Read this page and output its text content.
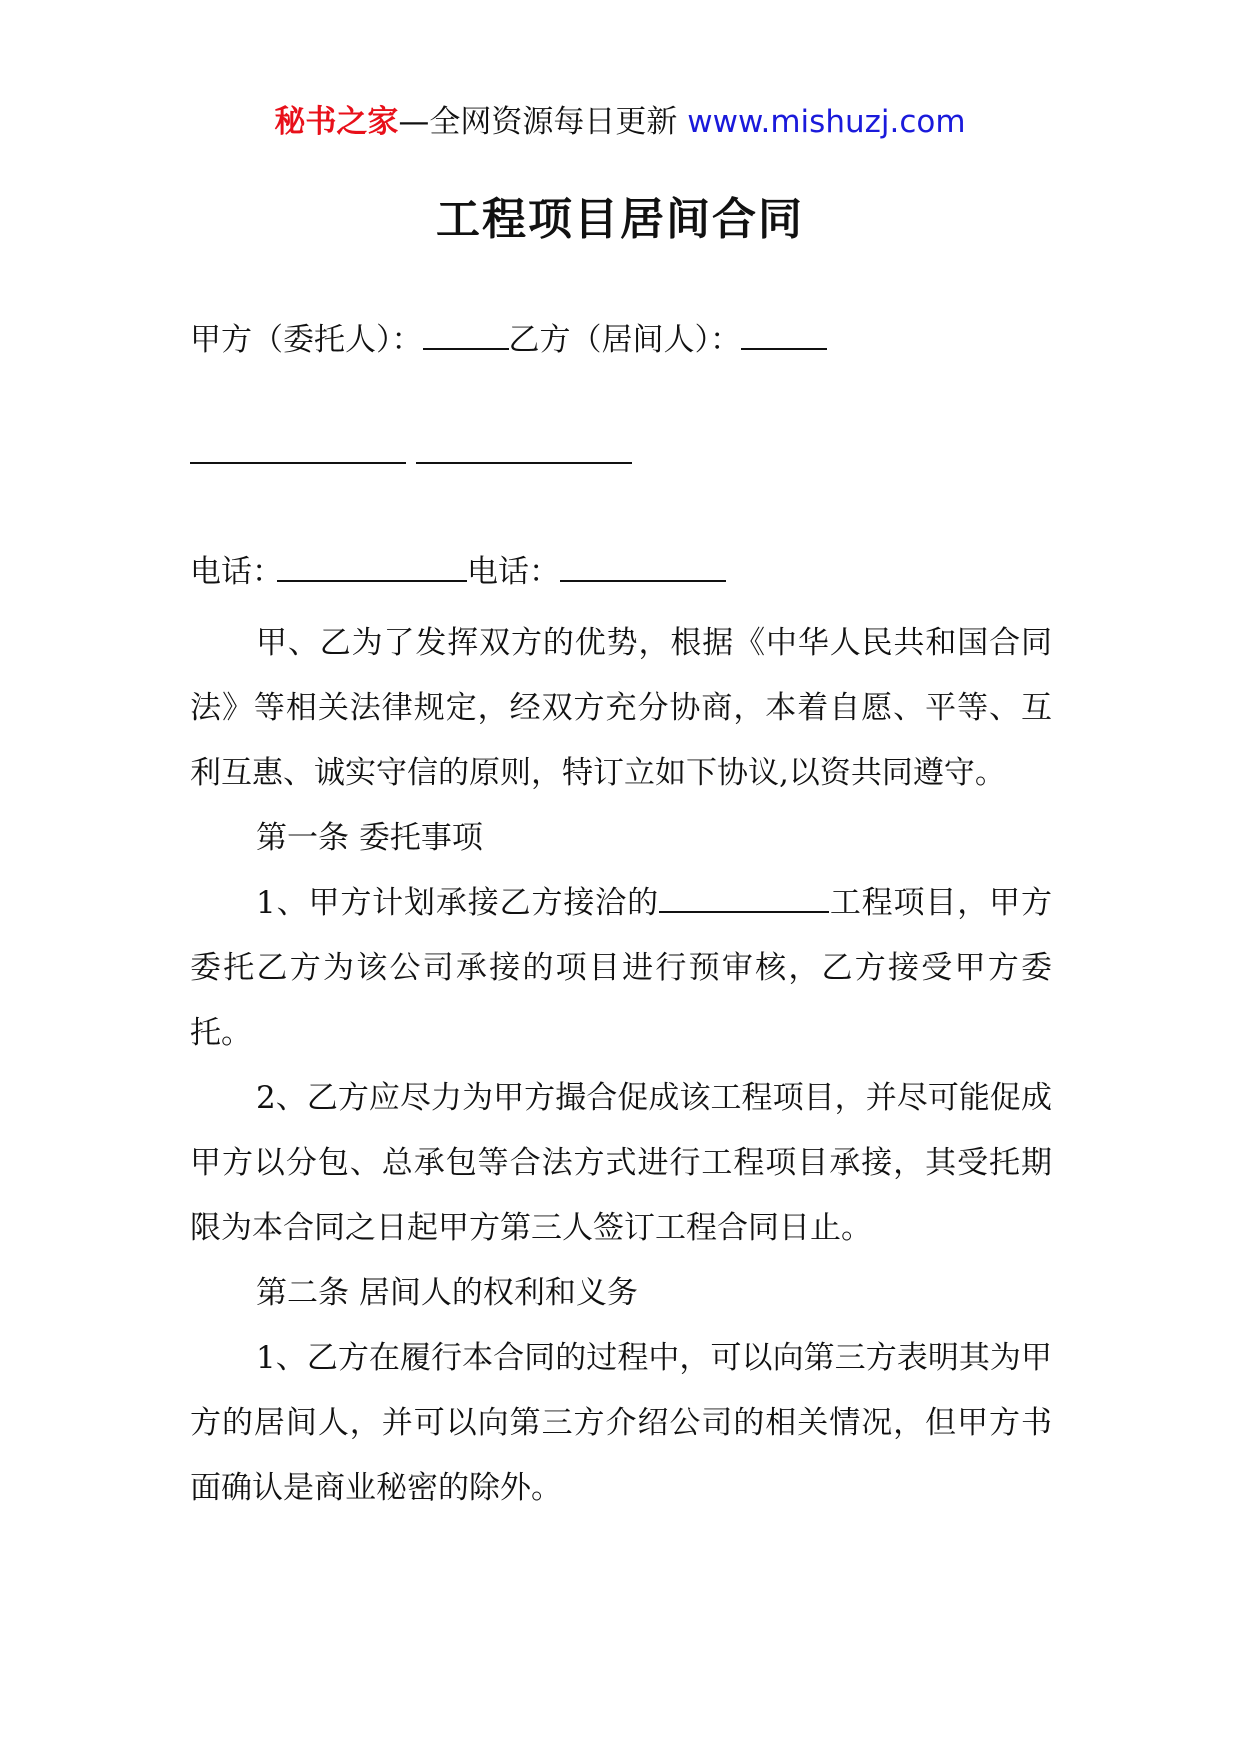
秘书之家—全网资源每日更新 www.mishuzj.com
工程项目居间合同
甲方（委托人）：	乙方（居间人）：
电话：	电话：

甲、乙为了发挥双方的优势，根据《中华人民共和国合同法》等相关法律规定，经双方充分协商，本着自愿、平等、互利互惠、诚实守信的原则，特订立如下协议,以资共同遵守。

第一条 委托事项

1、甲方计划承接乙方接洽的	工程项目，甲方委托乙方为该公司承接的项目进行预审核，乙方接受甲方委托。

2、乙方应尽力为甲方撮合促成该工程项目，并尽可能促成甲方以分包、总承包等合法方式进行工程项目承接，其受托期限为本合同之日起甲方第三人签订工程合同日止。

第二条 居间人的权利和义务

1、乙方在履行本合同的过程中，可以向第三方表明其为甲方的居间人，并可以向第三方介绍公司的相关情况，但甲方书面确认是商业秘密的除外。
